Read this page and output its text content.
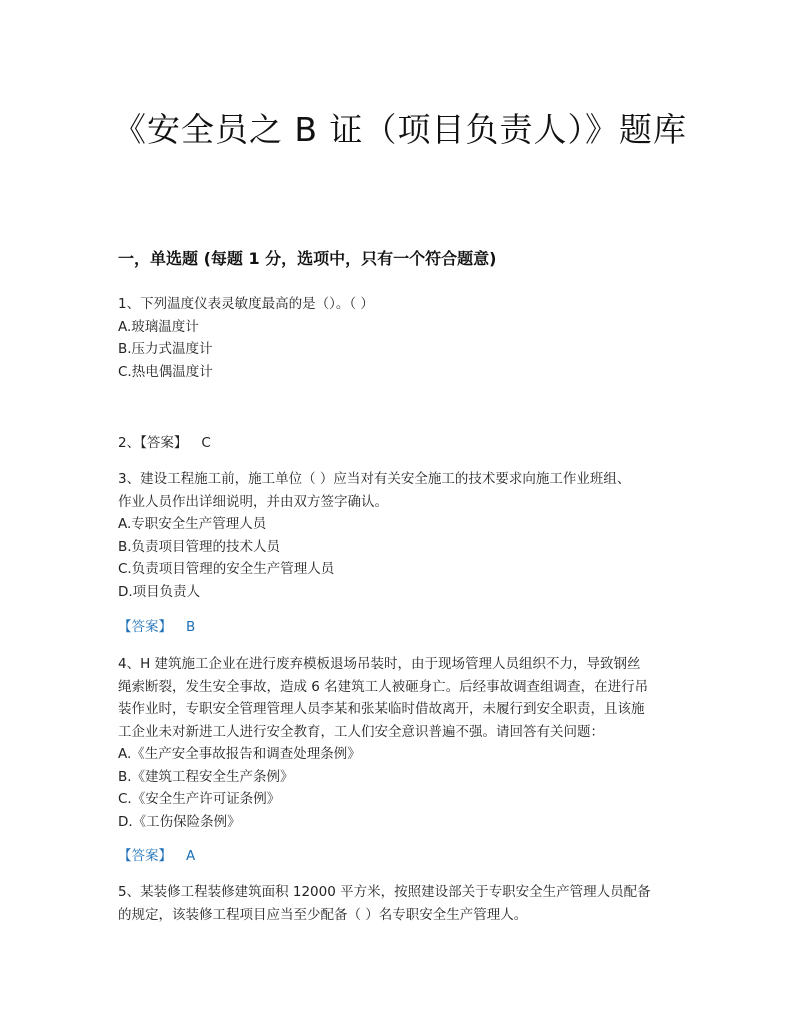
《安全员之 B 证（项目负责人）》题库
一，单选题 (每题 1 分，选项中，只有一个符合题意)

1、下列温度仪表灵敏度最高的是（）。（ ）

A.玻璃温度计

B.压力式温度计

C.热电偶温度计

2、【答案】 C

3、建设工程施工前，施工单位（ ）应当对有关安全施工的技术要求向施工作业班组、

作业人员作出详细说明，并由双方签字确认。

A.专职安全生产管理人员

B.负责项目管理的技术人员

C.负责项目管理的安全生产管理人员

D.项目负责人

【答案】 B

4、H 建筑施工企业在进行废弃模板退场吊装时，由于现场管理人员组织不力，导致钢丝

绳索断裂，发生安全事故，造成 6 名建筑工人被砸身亡。后经事故调查组调查，在进行吊

装作业时，专职安全管理管理人员李某和张某临时借故离开，未履行到安全职责，且该施

工企业未对新进工人进行安全教育，工人们安全意识普遍不强。请回答有关问题：

A.《生产安全事故报告和调查处理条例》

B.《建筑工程安全生产条例》

C.《安全生产许可证条例》

D.《工伤保险条例》

【答案】 A

5、某装修工程装修建筑面积 12000 平方米，按照建设部关于专职安全生产管理人员配备

的规定，该装修工程项目应当至少配备（ ）名专职安全生产管理人。
